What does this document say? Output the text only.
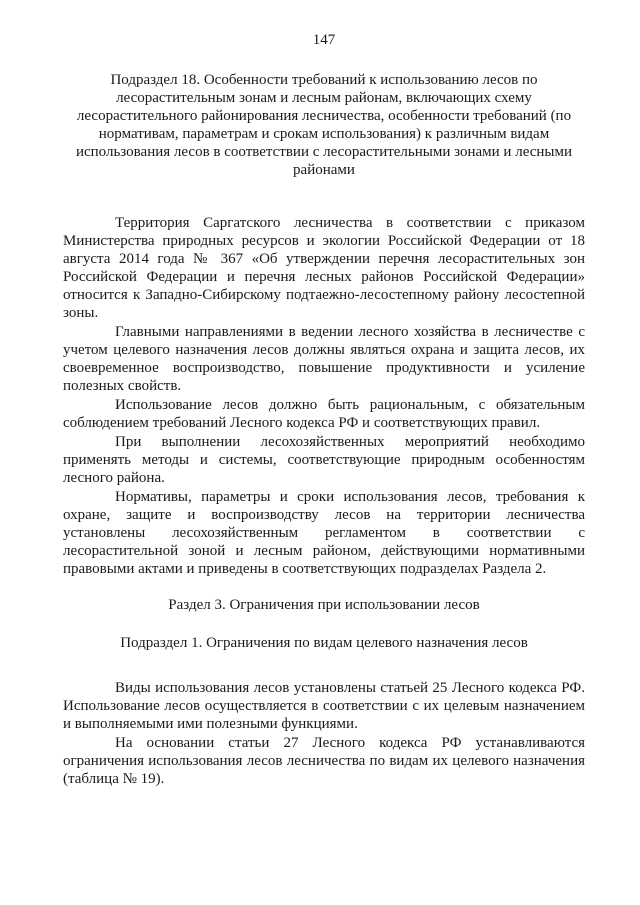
147
Подраздел 18. Особенности требований к использованию лесов по лесорастительным зонам и лесным районам, включающих схему лесорастительного районирования лесничества, особенности требований (по нормативам, параметрам и срокам использования) к различным видам использования лесов в соответствии с лесорастительными зонами и лесными районами

Территория Саргатского лесничества в соответствии с приказом Министерства природных ресурсов и экологии Российской Федерации от 18 августа 2014 года № 367 «Об утверждении перечня лесорастительных зон Российской Федерации и перечня лесных районов Российской Федерации» относится к Западно-Сибирскому подтаежно-лесостепному району лесостепной зоны.

Главными направлениями в ведении лесного хозяйства в лесничестве с учетом целевого назначения лесов должны являться охрана и защита лесов, их своевременное воспроизводство, повышение продуктивности и усиление полезных свойств.

Использование лесов должно быть рациональным, с обязательным соблюдением требований Лесного кодекса РФ и соответствующих правил.

При выполнении лесохозяйственных мероприятий необходимо применять методы и системы, соответствующие природным особенностям лесного района.

Нормативы, параметры и сроки использования лесов, требования к охране, защите и воспроизводству лесов на территории лесничества установлены лесохозяйственным регламентом в соответствии с лесорастительной зоной и лесным районом, действующими нормативными правовыми актами и приведены в соответствующих подразделах Раздела 2.

Раздел 3. Ограничения при использовании лесов
Подраздел 1. Ограничения по видам целевого назначения лесов

Виды использования лесов установлены статьей 25 Лесного кодекса РФ. Использование лесов осуществляется в соответствии с их целевым назначением и выполняемыми ими полезными функциями.

На основании статьи 27 Лесного кодекса РФ устанавливаются ограничения использования лесов лесничества по видам их целевого назначения (таблица № 19).
